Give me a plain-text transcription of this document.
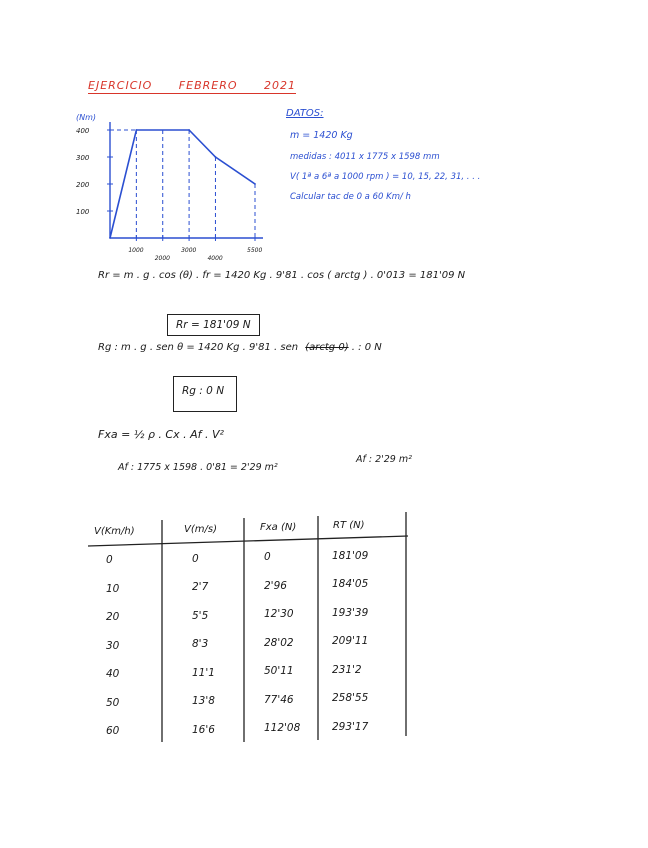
EJERCICIO FEBRERO 2021
400
300
200
100
1000	3000	5500
2000	4000
(Nm)	DATOS:
m = 1420 Kg
medidas : 4011 x 1775 x 1598 mm
V( 1ª a 6ª a 1000 rpm ) = 10, 15, 22, 31, . . .
Calcular tac de 0 a 60 Km/ h
Rr = m . g . cos (θ) . fr = 1420 Kg . 9'81 . cos ( arctg ) . 0'013 = 181'09 N
Rr = 181'09 N
Rg : m . g . sen θ = 1420 Kg . 9'81 . sen (arctg 0) . : 0 N
Rg : 0 N
Fxa = ½ ρ . Cx . Af . V²
Af : 1775 x 1598 . 0'81 = 2'29 m²
Af : 2'29 m²
V(Km/h)	V(m/s)	Fxa (N)	RT (N)
0	0	0	181'09
10	2'7	2'96	184'05
20	5'5	12'30	193'39
30	8'3	28'02	209'11
40	11'1	50'11	231'2
50	13'8	77'46	258'55
60	16'6	112'08	293'17
